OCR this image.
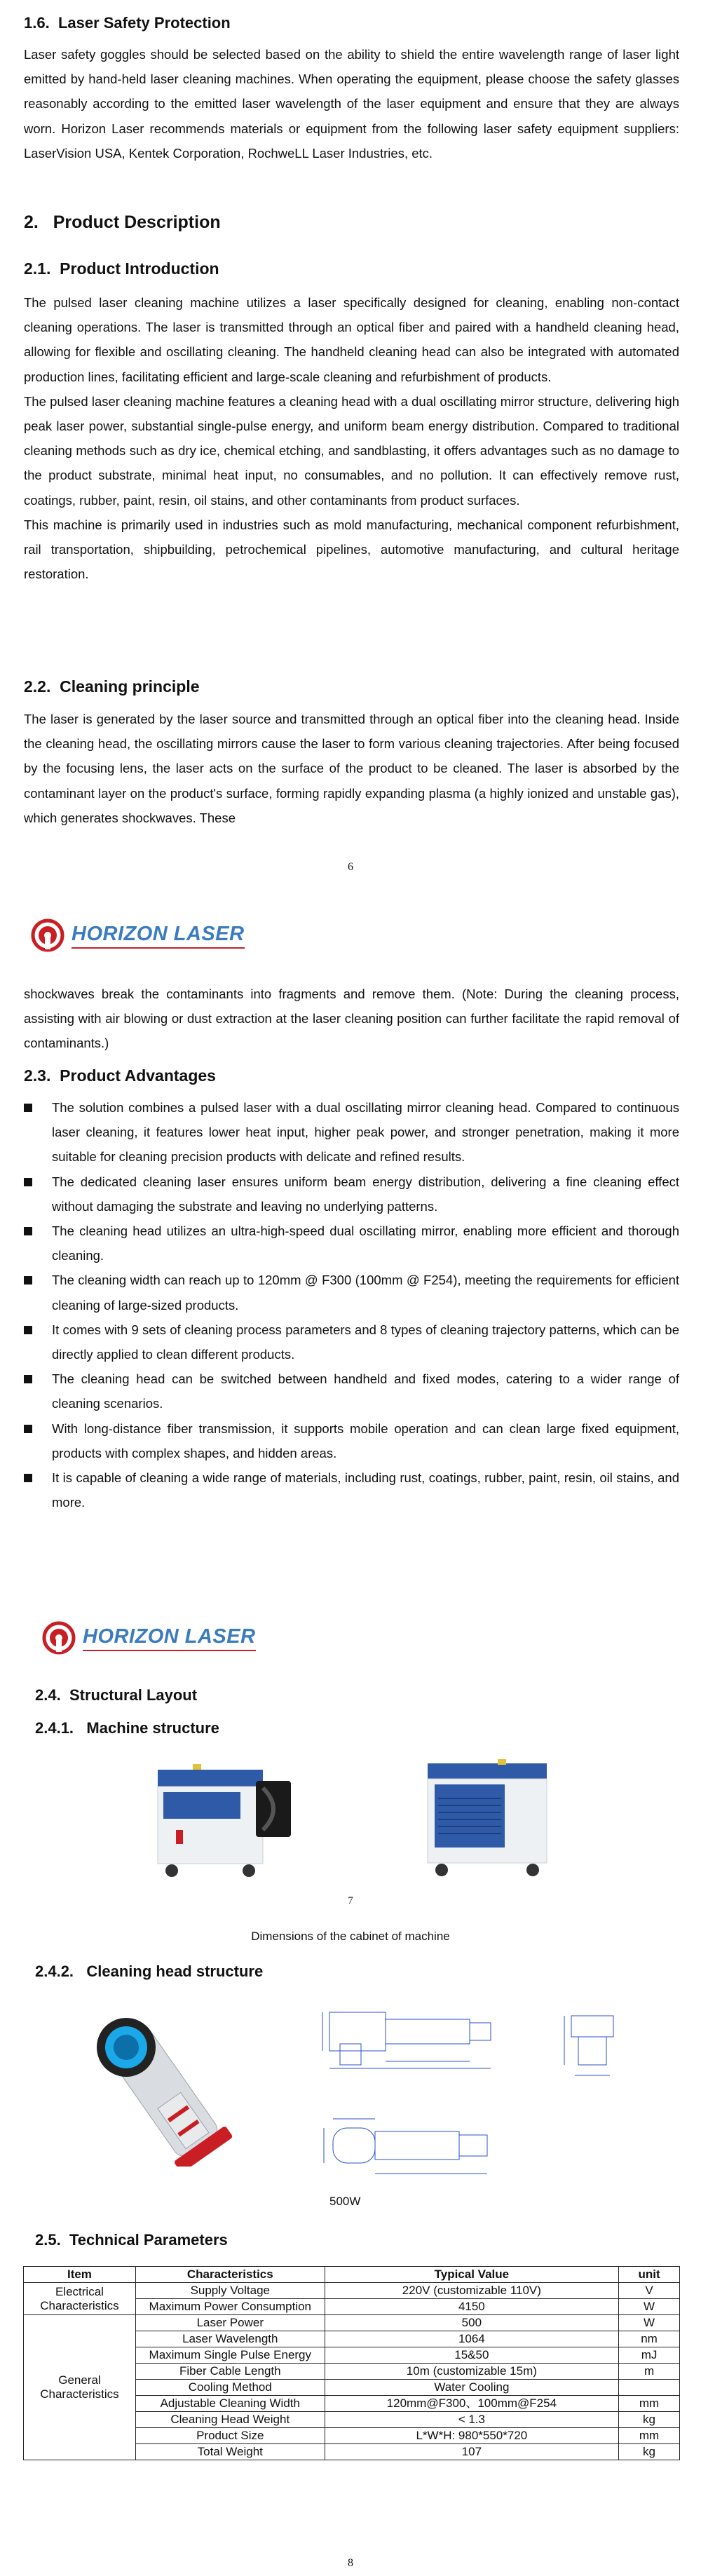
1.6. Laser Safety Protection

Laser safety goggles should be selected based on the ability to shield the entire wavelength range of laser light emitted by hand-held laser cleaning machines. When operating the equipment, please choose the safety glasses reasonably according to the emitted laser wavelength of the laser equipment and ensure that they are always worn. Horizon Laser recommends materials or equipment from the following laser safety equipment suppliers: LaserVision USA, Kentek Corporation, RochweLL Laser Industries, etc.

2. Product Description
2.1. Product Introduction

The pulsed laser cleaning machine utilizes a laser specifically designed for cleaning, enabling non-contact cleaning operations. The laser is transmitted through an optical fiber and paired with a handheld cleaning head, allowing for flexible and oscillating cleaning. The handheld cleaning head can also be integrated with automated production lines, facilitating efficient and large-scale cleaning and refurbishment of products.

The pulsed laser cleaning machine features a cleaning head with a dual oscillating mirror structure, delivering high peak laser power, substantial single-pulse energy, and uniform beam energy distribution. Compared to traditional cleaning methods such as dry ice, chemical etching, and sandblasting, it offers advantages such as no damage to the product substrate, minimal heat input, no consumables, and no pollution. It can effectively remove rust, coatings, rubber, paint, resin, oil stains, and other contaminants from product surfaces.

This machine is primarily used in industries such as mold manufacturing, mechanical component refurbishment, rail transportation, shipbuilding, petrochemical pipelines, automotive manufacturing, and cultural heritage restoration.

2.2. Cleaning principle

The laser is generated by the laser source and transmitted through an optical fiber into the cleaning head. Inside the cleaning head, the oscillating mirrors cause the laser to form various cleaning trajectories. After being focused by the focusing lens, the laser acts on the surface of the product to be cleaned. The laser is absorbed by the contaminant layer on the product's surface, forming rapidly expanding plasma (a highly ionized and unstable gas), which generates shockwaves. These

6
HORIZON LASER

shockwaves break the contaminants into fragments and remove them. (Note: During the cleaning process, assisting with air blowing or dust extraction at the laser cleaning position can further facilitate the rapid removal of contaminants.)

2.3. Product Advantages
The solution combines a pulsed laser with a dual oscillating mirror cleaning head. Compared to continuous laser cleaning, it features lower heat input, higher peak power, and stronger penetration, making it more suitable for cleaning precision products with delicate and refined results.
The dedicated cleaning laser ensures uniform beam energy distribution, delivering a fine cleaning effect without damaging the substrate and leaving no underlying patterns.
The cleaning head utilizes an ultra-high-speed dual oscillating mirror, enabling more efficient and thorough cleaning.
The cleaning width can reach up to 120mm @ F300 (100mm @ F254), meeting the requirements for efficient cleaning of large-sized products.
It comes with 9 sets of cleaning process parameters and 8 types of cleaning trajectory patterns, which can be directly applied to clean different products.
The cleaning head can be switched between handheld and fixed modes, catering to a wider range of cleaning scenarios.
With long-distance fiber transmission, it supports mobile operation and can clean large fixed equipment, products with complex shapes, and hidden areas.
It is capable of cleaning a wide range of materials, including rust, coatings, rubber, paint, resin, oil stains, and more.
HORIZON LASER
2.4. Structural Layout
2.4.1. Machine structure
7
Dimensions of the cabinet of machine
2.4.2. Cleaning head structure
500W
2.5. Technical Parameters
Item	Characteristics	Typical Value	unit
Electrical Characteristics	Supply Voltage	220V (customizable 110V)	V
	Maximum Power Consumption	4150	W
General Characteristics	Laser Power	500	W
	Laser Wavelength	1064	nm
	Maximum Single Pulse Energy	15&50	mJ
	Fiber Cable Length	10m (customizable 15m)	m
	Cooling Method	Water Cooling	
	Adjustable Cleaning Width	120mm@F300、100mm@F254	mm
	Cleaning Head Weight	< 1.3	kg
	Product Size	L*W*H: 980*550*720	mm
	Total Weight	107	kg
8
